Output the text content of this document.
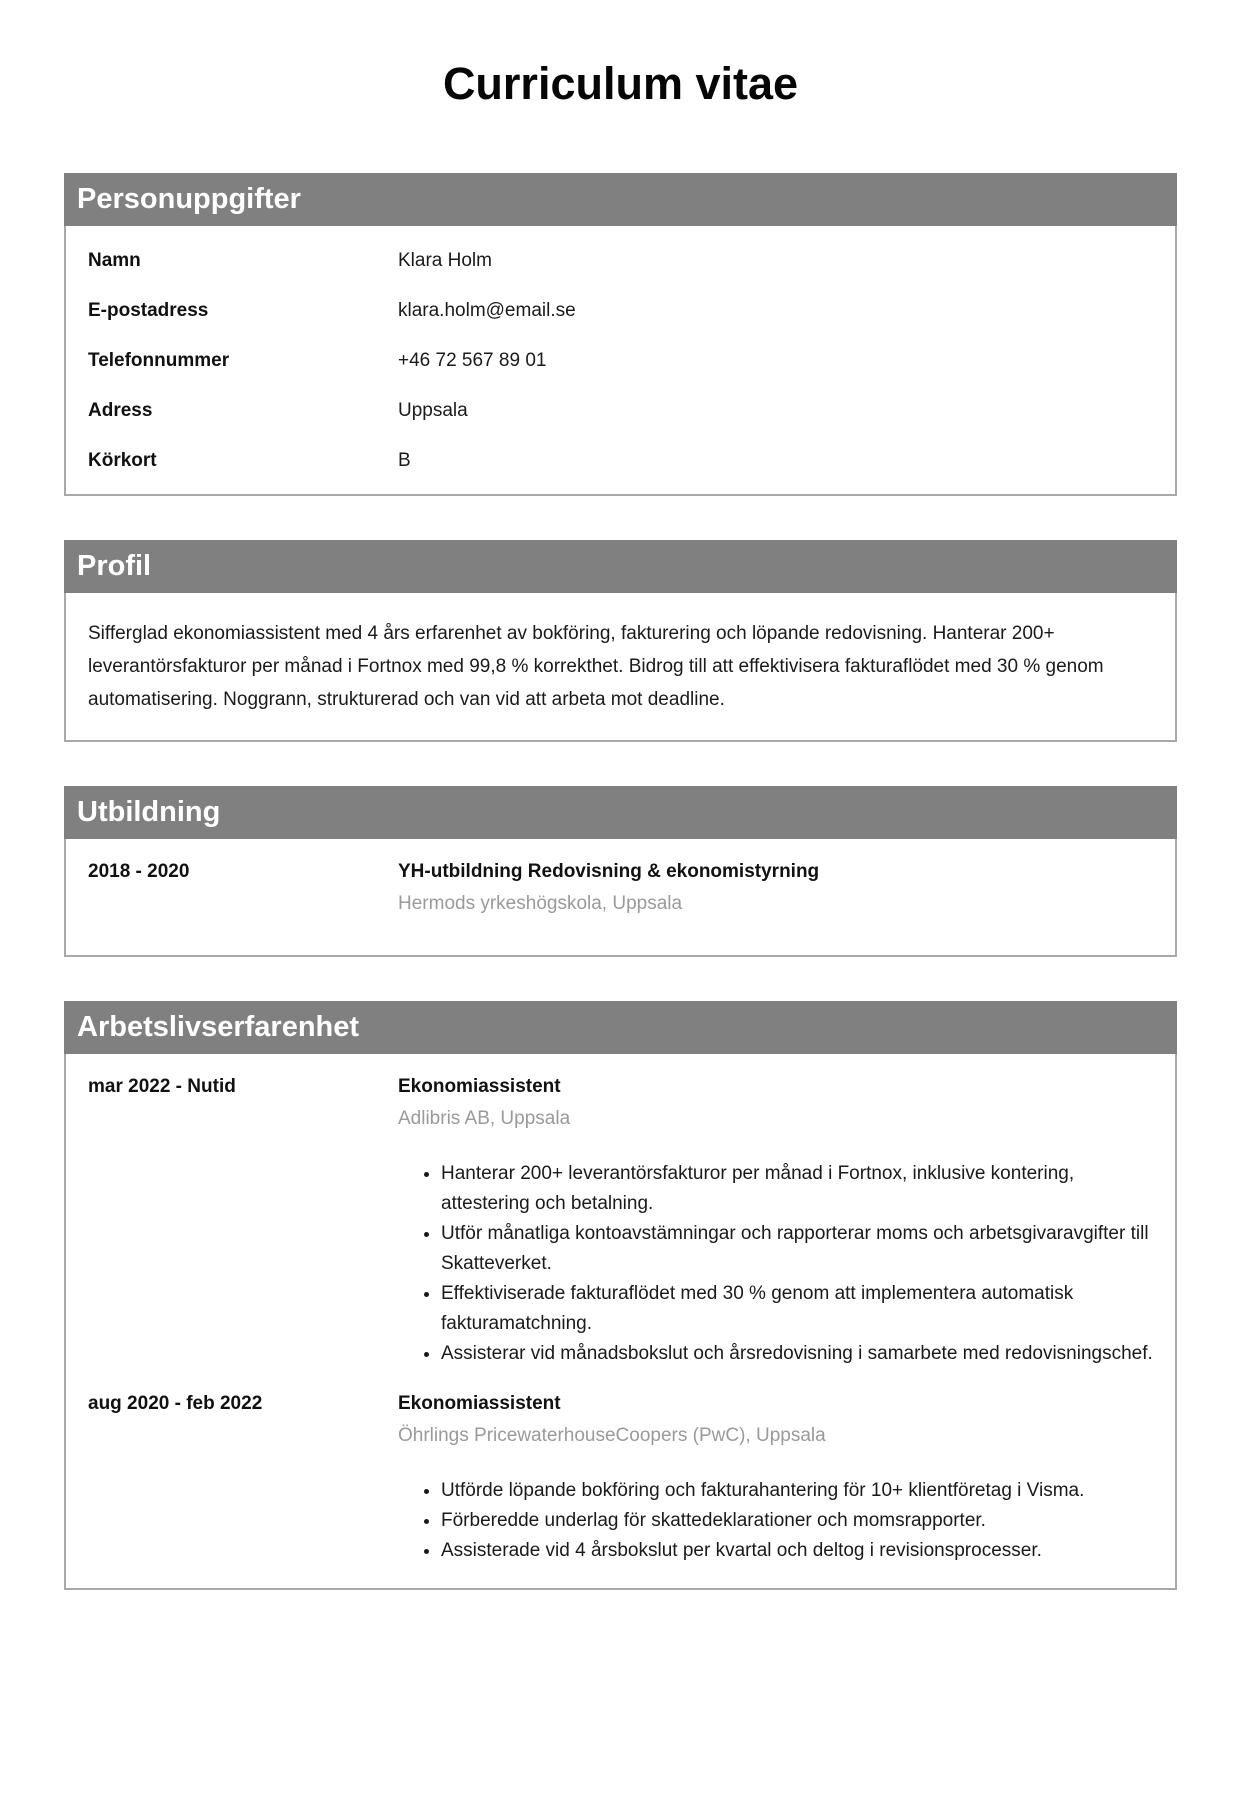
Curriculum vitae
Personuppgifter
Namn	Klara Holm
E-postadress	klara.holm@email.se
Telefonnummer	+46 72 567 89 01
Adress	Uppsala
Körkort	B
Profil

Sifferglad ekonomiassistent med 4 års erfarenhet av bokföring, fakturering och löpande redovisning. Hanterar 200+ leverantörsfakturor per månad i Fortnox med 99,8 % korrekthet. Bidrog till att effektivisera fakturaflödet med 30 % genom automatisering. Noggrann, strukturerad och van vid att arbeta mot deadline.

Utbildning
2018 - 2020	YH-utbildning Redovisning & ekonomistyrning
Hermods yrkeshögskola, Uppsala
Arbetslivserfarenhet
mar 2022 - Nutid	Ekonomiassistent
Adlibris AB, Uppsala
• Hanterar 200+ leverantörsfakturor per månad i Fortnox, inklusive kontering, attestering och betalning.
• Utför månatliga kontoavstämningar och rapporterar moms och arbetsgivaravgifter till Skatteverket.
• Effektiviserade fakturaflödet med 30 % genom att implementera automatisk fakturamatchning.
• Assisterar vid månadsbokslut och årsredovisning i samarbete med redovisningschef.
aug 2020 - feb 2022	Ekonomiassistent
Öhrlings PricewaterhouseCoopers (PwC), Uppsala
• Utförde löpande bokföring och fakturahantering för 10+ klientföretag i Visma.
• Förberedde underlag för skattedeklarationer och momsrapporter.
• Assisterade vid 4 årsbokslut per kvartal och deltog i revisionsprocesser.
